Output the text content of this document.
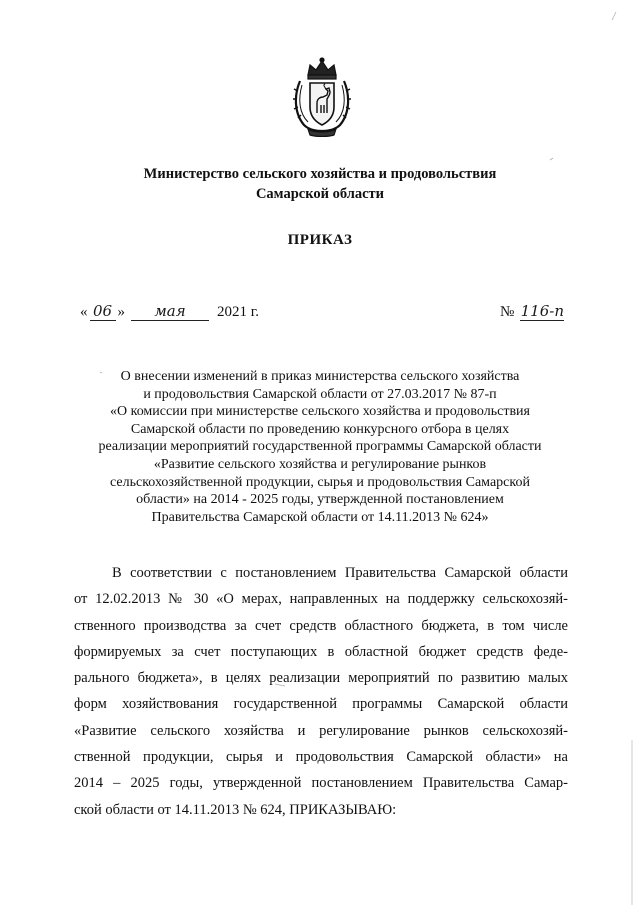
Министерство сельского хозяйства и продовольствия
Самарской области
ПРИКАЗ
« 06 »	мая	2021 г.	№ 116-п
О внесении изменений в приказ министерства сельского хозяйства
и продовольствия Самарской области от 27.03.2017 № 87-п
«О комиссии при министерстве сельского хозяйства и продовольствия
Самарской области по проведению конкурсного отбора в целях
реализации мероприятий государственной программы Самарской области
«Развитие сельского хозяйства и регулирование рынков
сельскохозяйственной продукции, сырья и продовольствия Самарской
области» на 2014 - 2025 годы, утвержденной постановлением
Правительства Самарской области от 14.11.2013 № 624»
В соответствии с постановлением Правительства Самарской области
от 12.02.2013 № 30 «О мерах, направленных на поддержку сельскохозяй-
ственного производства за счет средств областного бюджета, в том числе
формируемых за счет поступающих в областной бюджет средств феде-
рального бюджета», в целях реализации мероприятий по развитию малых
форм хозяйствования государственной программы Самарской области
«Развитие сельского хозяйства и регулирование рынков сельскохозяй-
ственной продукции, сырья и продовольствия Самарской области» на
2014 – 2025 годы, утвержденной постановлением Правительства Самар-
ской области от 14.11.2013 № 624, ПРИКАЗЫВАЮ:
